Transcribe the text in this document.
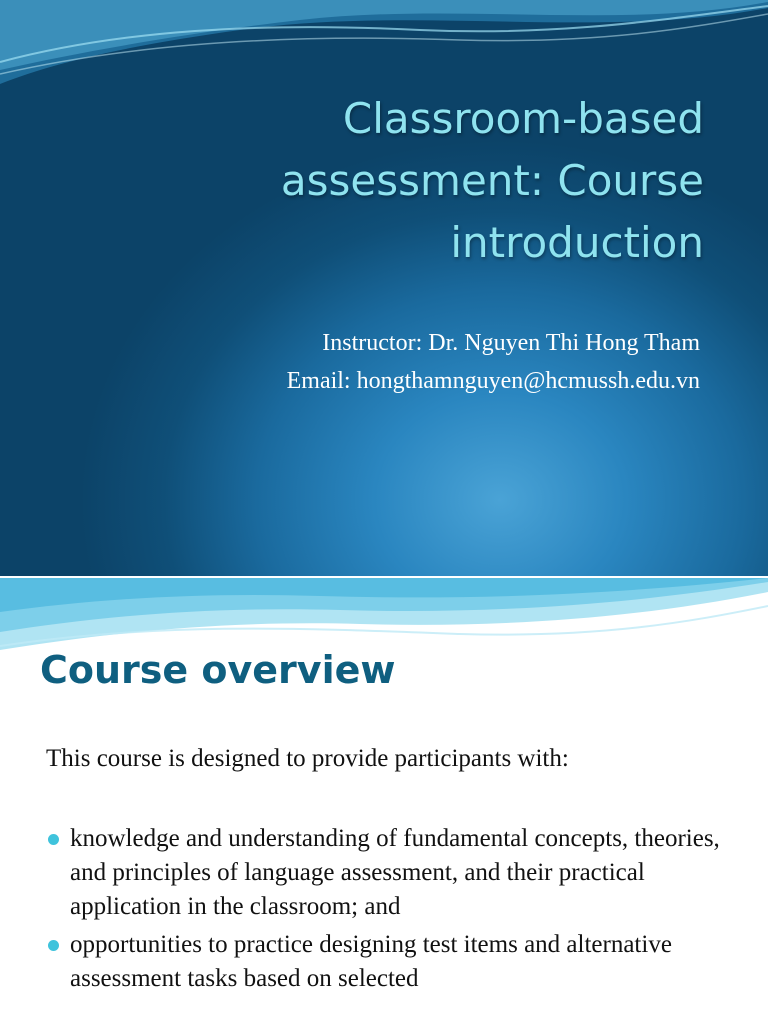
Classroom-based
assessment: Course
introduction
Instructor: Dr. Nguyen Thi Hong Tham
Email: hongthamnguyen@hcmussh.edu.vn
Course overview

This course is designed to provide participants with:

knowledge and understanding of fundamental concepts, theories, and principles of language assessment, and their practical application in the classroom; and
opportunities to practice designing test items and alternative assessment tasks based on selected
